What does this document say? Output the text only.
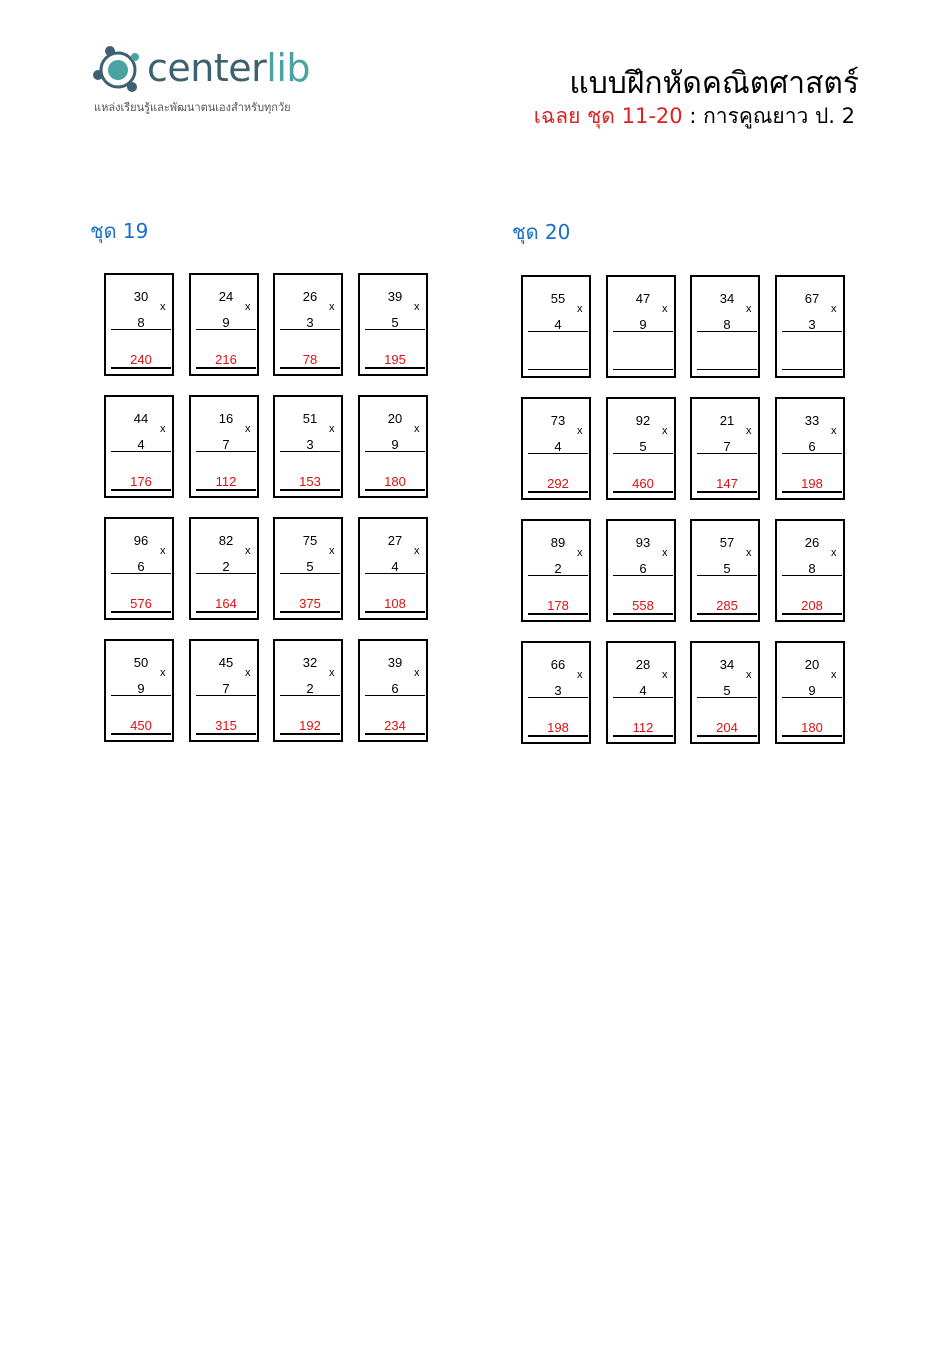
centerlib
แหล่งเรียนรู้และพัฒนาตนเองสำหรับทุกวัย
แบบฝึกหัดคณิตศาสตร์
เฉลย ชุด 11-20 : การคูณยาว ป. 2
ชุด 19	ชุด 20
30
x
8
240
24
x
9
216
26
x
3
78
39
x
5
195
44
x
4
176
16
x
7
112
51
x
3
153
20
x
9
180
96
x
6
576
82
x
2
164
75
x
5
375
27
x
4
108
50
x
9
450
45
x
7
315
32
x
2
192
39
x
6
234
55
x
4
47
x
9
34
x
8
67
x
3
73
x
4
292
92
x
5
460
21
x
7
147
33
x
6
198
89
x
2
178
93
x
6
558
57
x
5
285
26
x
8
208
66
x
3
198
28
x
4
112
34
x
5
204
20
x
9
180
